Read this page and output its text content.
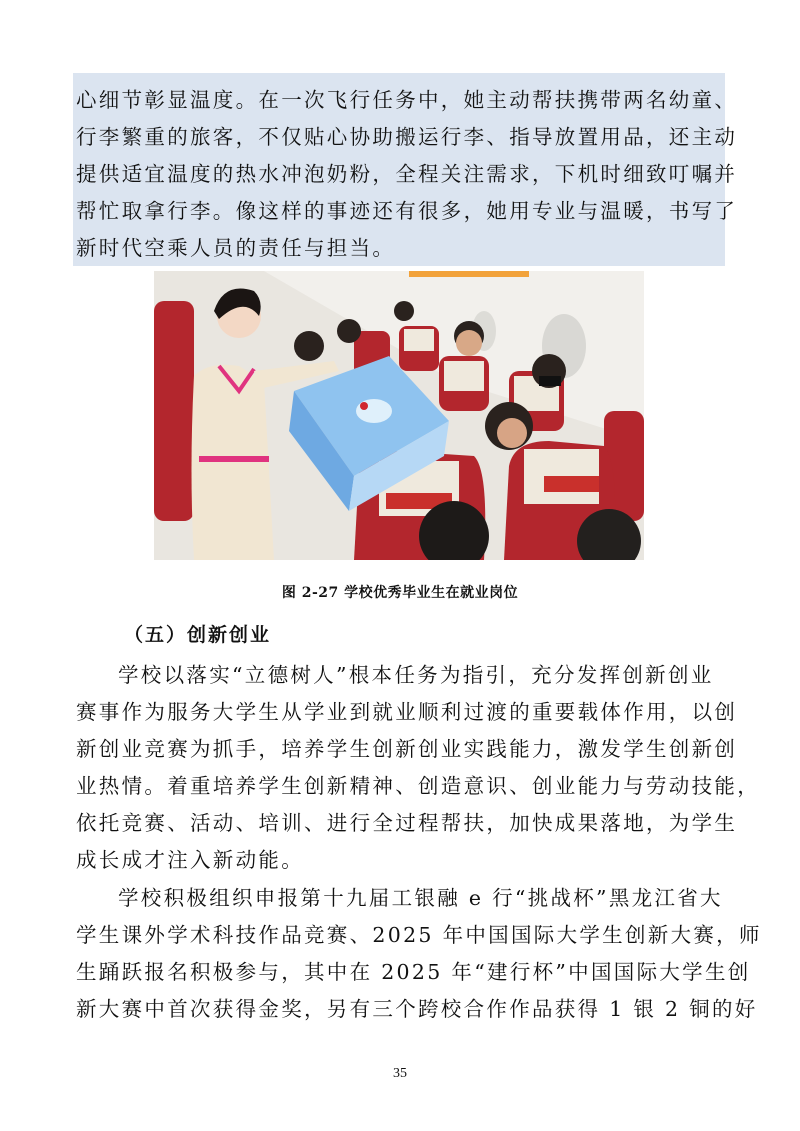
心细节彰显温度。在一次飞行任务中，她主动帮扶携带两名幼童、
行李繁重的旅客，不仅贴心协助搬运行李、指导放置用品，还主动
提供适宜温度的热水冲泡奶粉，全程关注需求，下机时细致叮嘱并
帮忙取拿行李。像这样的事迹还有很多，她用专业与温暖，书写了
新时代空乘人员的责任与担当。
图 2-27 学校优秀毕业生在就业岗位
（五）创新创业
学校以落实“立德树人”根本任务为指引，充分发挥创新创业
赛事作为服务大学生从学业到就业顺利过渡的重要载体作用，以创
新创业竞赛为抓手，培养学生创新创业实践能力，激发学生创新创
业热情。着重培养学生创新精神、创造意识、创业能力与劳动技能，
依托竞赛、活动、培训、进行全过程帮扶，加快成果落地，为学生
成长成才注入新动能。
学校积极组织申报第十九届工银融 e 行“挑战杯”黑龙江省大
学生课外学术科技作品竞赛、2025 年中国国际大学生创新大赛，师
生踊跃报名积极参与，其中在 2025 年“建行杯”中国国际大学生创
新大赛中首次获得金奖，另有三个跨校合作作品获得 1 银 2 铜的好
35
